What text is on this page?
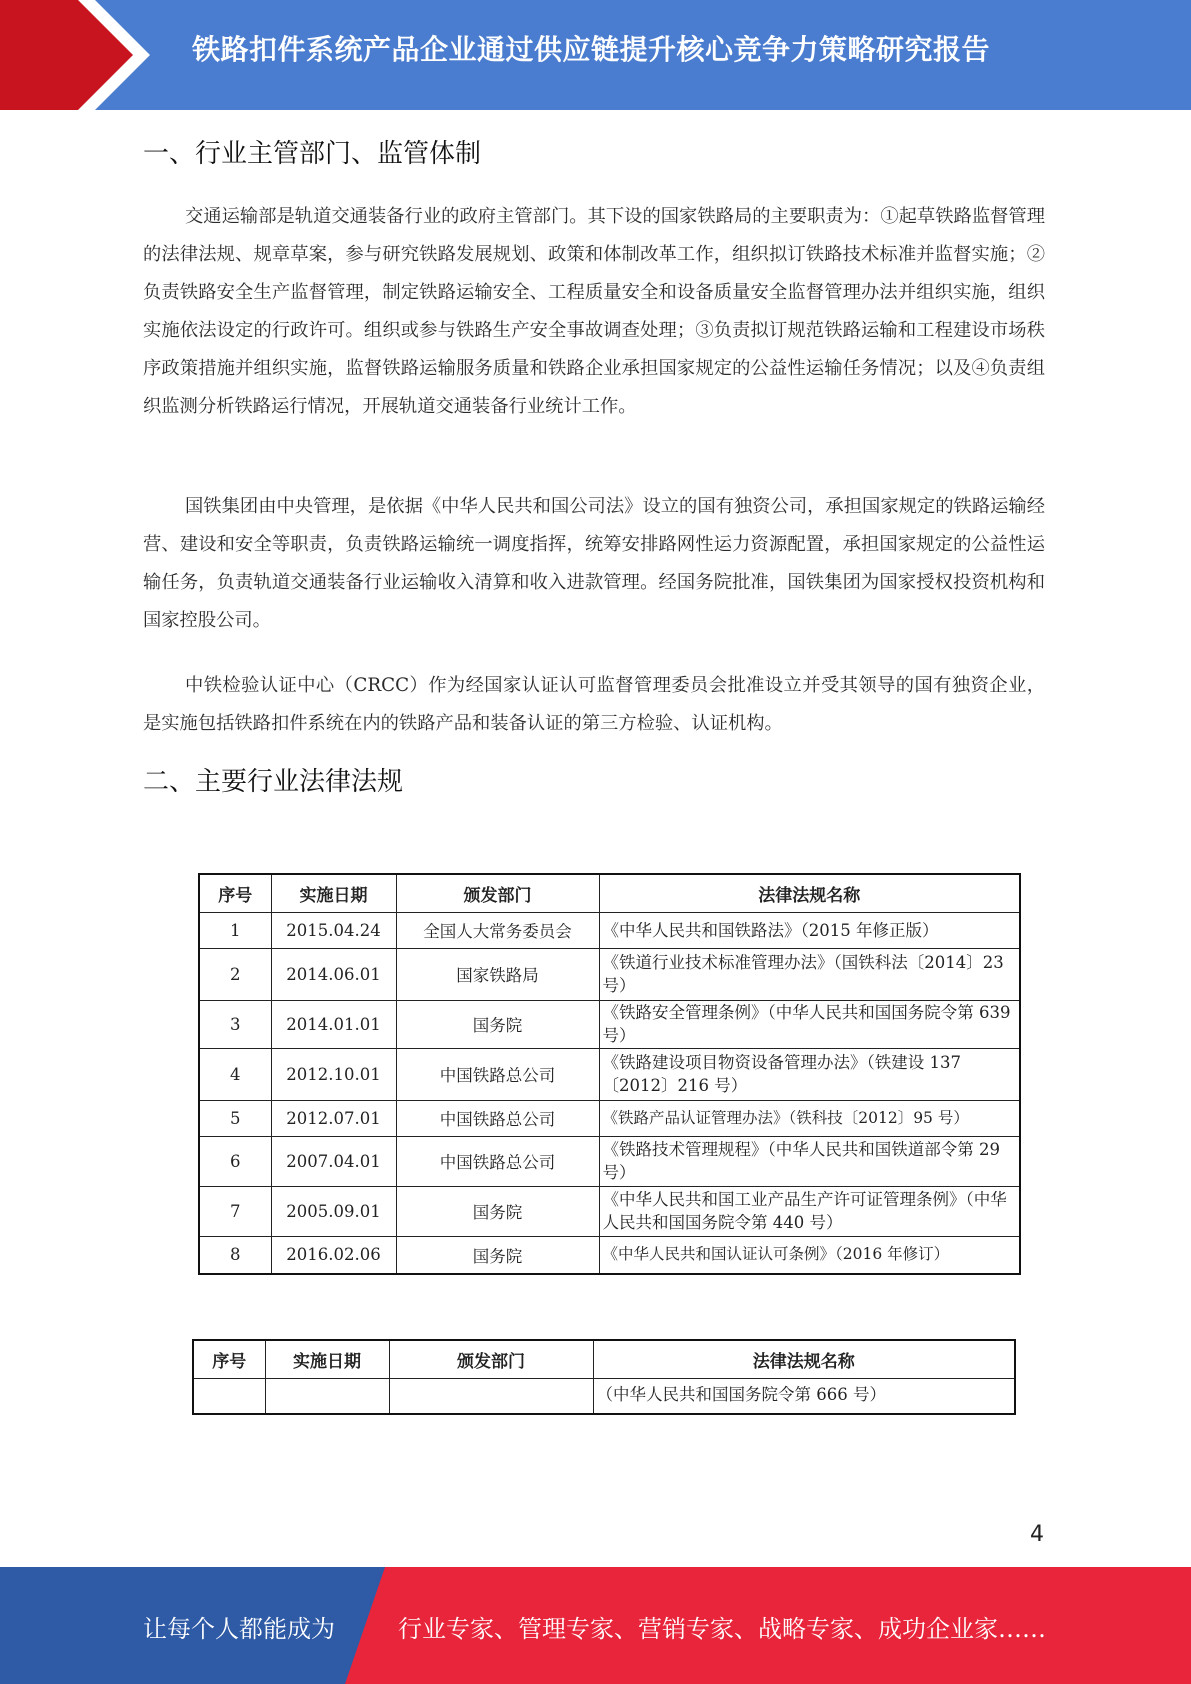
铁路扣件系统产品企业通过供应链提升核心竞争力策略研究报告
一、行业主管部门、监管体制

交通运输部是轨道交通装备行业的政府主管部门。其下设的国家铁路局的主要职责为：①起草铁路监督管理的法律法规、规章草案，参与研究铁路发展规划、政策和体制改革工作，组织拟订铁路技术标准并监督实施；②负责铁路安全生产监督管理，制定铁路运输安全、工程质量安全和设备质量安全监督管理办法并组织实施，组织实施依法设定的行政许可。组织或参与铁路生产安全事故调查处理；③负责拟订规范铁路运输和工程建设市场秩序政策措施并组织实施，监督铁路运输服务质量和铁路企业承担国家规定的公益性运输任务情况；以及④负责组织监测分析铁路运行情况，开展轨道交通装备行业统计工作。

国铁集团由中央管理，是依据《中华人民共和国公司法》设立的国有独资公司，承担国家规定的铁路运输经营、建设和安全等职责，负责铁路运输统一调度指挥，统筹安排路网性运力资源配置，承担国家规定的公益性运输任务，负责轨道交通装备行业运输收入清算和收入进款管理。经国务院批准，国铁集团为国家授权投资机构和国家控股公司。

中铁检验认证中心（CRCC）作为经国家认证认可监督管理委员会批准设立并受其领导的国有独资企业，是实施包括铁路扣件系统在内的铁路产品和装备认证的第三方检验、认证机构。

二、主要行业法律法规
序号	实施日期	颁发部门	法律法规名称
1	2015.04.24	全国人大常务委员会	《中华人民共和国铁路法》（2015 年修正版）
2	2014.06.01	国家铁路局	《铁道行业技术标准管理办法》（国铁科法〔2014〕23 号）
3	2014.01.01	国务院	《铁路安全管理条例》（中华人民共和国国务院令第 639 号）
4	2012.10.01	中国铁路总公司	《铁路建设项目物资设备管理办法》（铁建设 137〔2012〕216 号）
5	2012.07.01	中国铁路总公司	《铁路产品认证管理办法》（铁科技〔2012〕95 号）
6	2007.04.01	中国铁路总公司	《铁路技术管理规程》（中华人民共和国铁道部令第 29 号）
7	2005.09.01	国务院	《中华人民共和国工业产品生产许可证管理条例》（中华人民共和国国务院令第 440 号）
8	2016.02.06	国务院	《中华人民共和国认证认可条例》（2016 年修订）
序号	实施日期	颁发部门	法律法规名称
			（中华人民共和国国务院令第 666 号）
4
让每个人都能成为	行业专家、管理专家、营销专家、战略专家、成功企业家……
